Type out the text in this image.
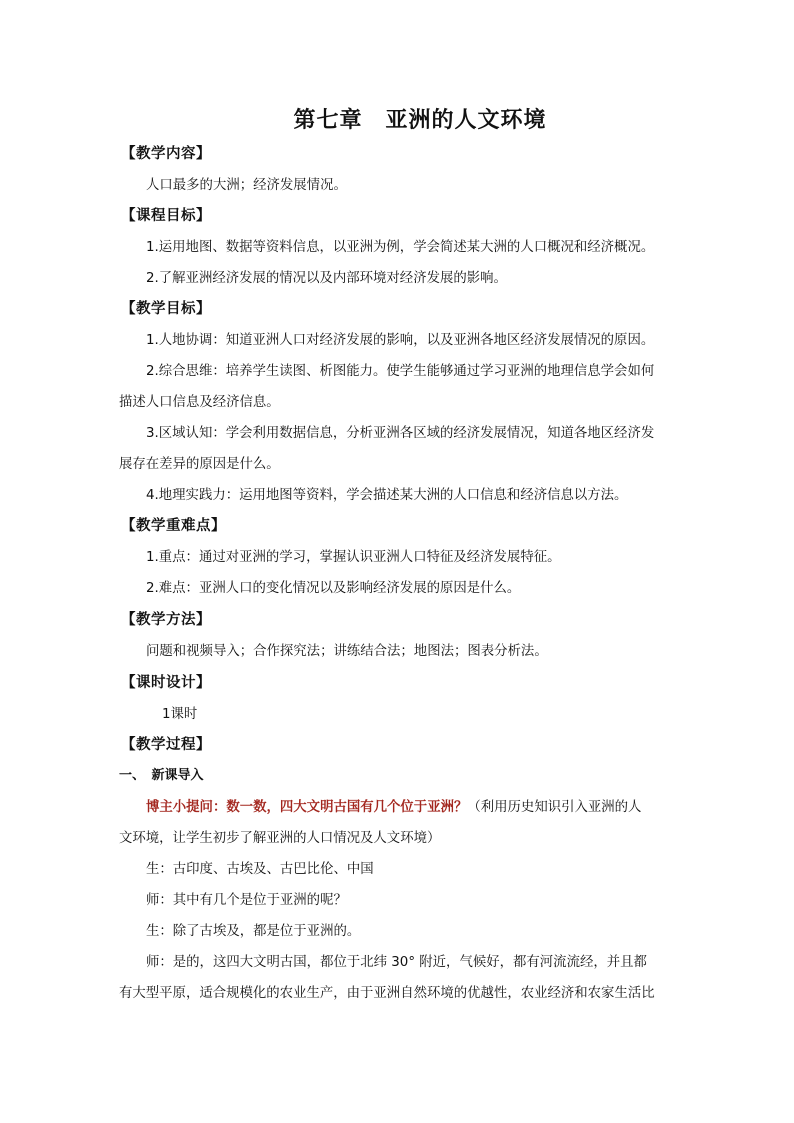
第七章　亚洲的人文环境
【教学内容】
人口最多的大洲；经济发展情况。
【课程目标】
1.运用地图、数据等资料信息，以亚洲为例，学会简述某大洲的人口概况和经济概况。
2.了解亚洲经济发展的情况以及内部环境对经济发展的影响。
【教学目标】
1.人地协调：知道亚洲人口对经济发展的影响，以及亚洲各地区经济发展情况的原因。
2.综合思维：培养学生读图、析图能力。使学生能够通过学习亚洲的地理信息学会如何
描述人口信息及经济信息。
3.区域认知：学会利用数据信息，分析亚洲各区域的经济发展情况，知道各地区经济发
展存在差异的原因是什么。
4.地理实践力：运用地图等资料，学会描述某大洲的人口信息和经济信息以方法。
【教学重难点】
1.重点：通过对亚洲的学习，掌握认识亚洲人口特征及经济发展特征。
2.难点：亚洲人口的变化情况以及影响经济发展的原因是什么。
【教学方法】
问题和视频导入；合作探究法；讲练结合法；地图法；图表分析法。
【课时设计】
1课时
【教学过程】
一、　新课导入
博主小提问：数一数，四大文明古国有几个位于亚洲？（利用历史知识引入亚洲的人
文环境，让学生初步了解亚洲的人口情况及人文环境）
生：古印度、古埃及、古巴比伦、中国
师：其中有几个是位于亚洲的呢？
生：除了古埃及，都是位于亚洲的。
师：是的，这四大文明古国，都位于北纬 30° 附近，气候好，都有河流流经，并且都
有大型平原，适合规模化的农业生产，由于亚洲自然环境的优越性，农业经济和农家生活比
